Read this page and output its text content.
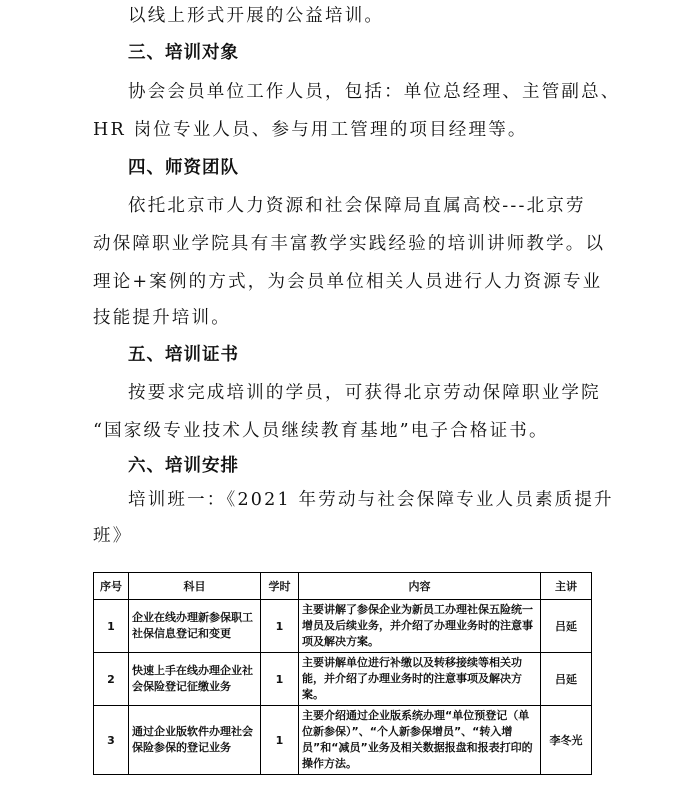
以线上形式开展的公益培训。

三、培训对象

协会会员单位工作人员，包括：单位总经理、主管副总、

HR 岗位专业人员、参与用工管理的项目经理等。

四、师资团队

依托北京市人力资源和社会保障局直属高校---北京劳

动保障职业学院具有丰富教学实践经验的培训讲师教学。以

理论+案例的方式，为会员单位相关人员进行人力资源专业

技能提升培训。

五、培训证书

按要求完成培训的学员，可获得北京劳动保障职业学院

“国家级专业技术人员继续教育基地”电子合格证书。

六、培训安排

培训班一：《2021 年劳动与社会保障专业人员素质提升

班》

序号	科目	学时	内容	主讲
1	企业在线办理新参保职工社保信息登记和变更	1	主要讲解了参保企业为新员工办理社保五险统一增员及后续业务，并介绍了办理业务时的注意事项及解决方案。	吕延
2	快速上手在线办理企业社会保险登记征缴业务	1	主要讲解单位进行补缴以及转移接续等相关功能，并介绍了办理业务时的注意事项及解决方案。	吕延
3	通过企业版软件办理社会保险参保的登记业务	1	主要介绍通过企业版系统办理“单位预登记（单位新参保）”、“个人新参保增员”、“转入增员”和“减员”业务及相关数据报盘和报表打印的操作方法。	李冬光
